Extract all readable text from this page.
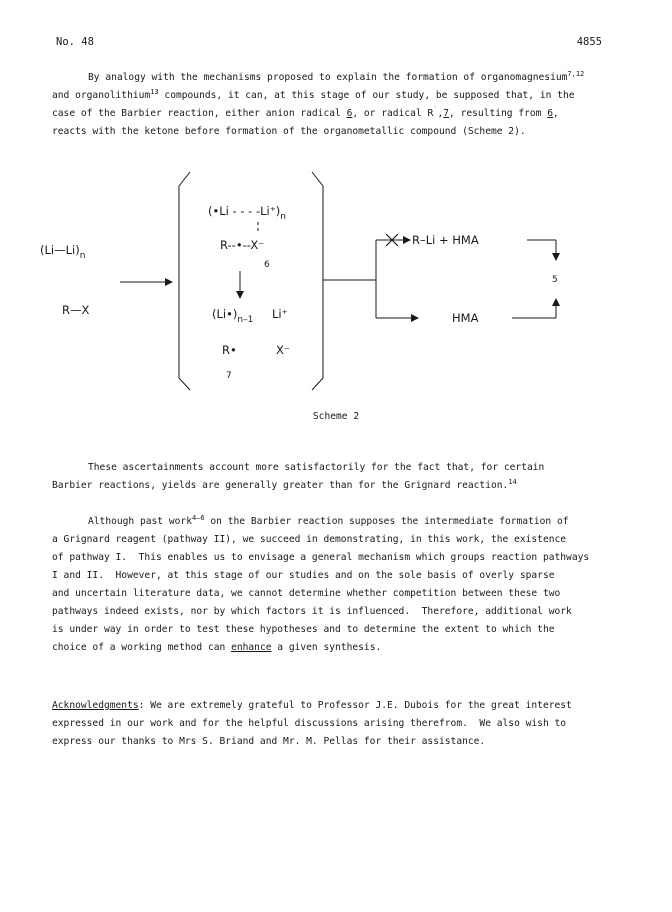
No. 48	4855
By analogy with the mechanisms proposed to explain the formation of organomagnesium$^{7,12}$
and organolithium$^{13}$ compounds, it can, at this stage of our study, be supposed that, in the
case of the Barbier reaction, either anion radical 6, or radical R˙,7, resulting from 6,
reacts with the ketone before formation of the organometallic compound (Scheme 2).
$(Li—Li)_n$
R—X
(•Li - - - $-Li^+)_n$
R--•--X⁻
6
$(Li•)_{n-1}$ Li⁺
R•	X⁻
7
R–Li + HMA
HMA
5
Scheme 2
These ascertainments account more satisfactorily for the fact that, for certain
Barbier reactions, yields are generally greater than for the Grignard reaction.$^{14}$
Although past work$^{4-6}$ on the Barbier reaction supposes the intermediate formation of
a Grignard reagent (pathway II), we succeed in demonstrating, in this work, the existence
of pathway I.  This enables us to envisage a general mechanism which groups reaction pathways
I and II.  However, at this stage of our studies and on the sole basis of overly sparse
and uncertain literature data, we cannot determine whether competition between these two
pathways indeed exists, nor by which factors it is influenced.  Therefore, additional work
is under way in order to test these hypotheses and to determine the extent to which the
choice of a working method can enhance a given synthesis.
Acknowledgments: We are extremely grateful to Professor J.E. Dubois for the great interest
expressed in our work and for the helpful discussions arising therefrom.  We also wish to
express our thanks to Mrs S. Briand and Mr. M. Pellas for their assistance.
